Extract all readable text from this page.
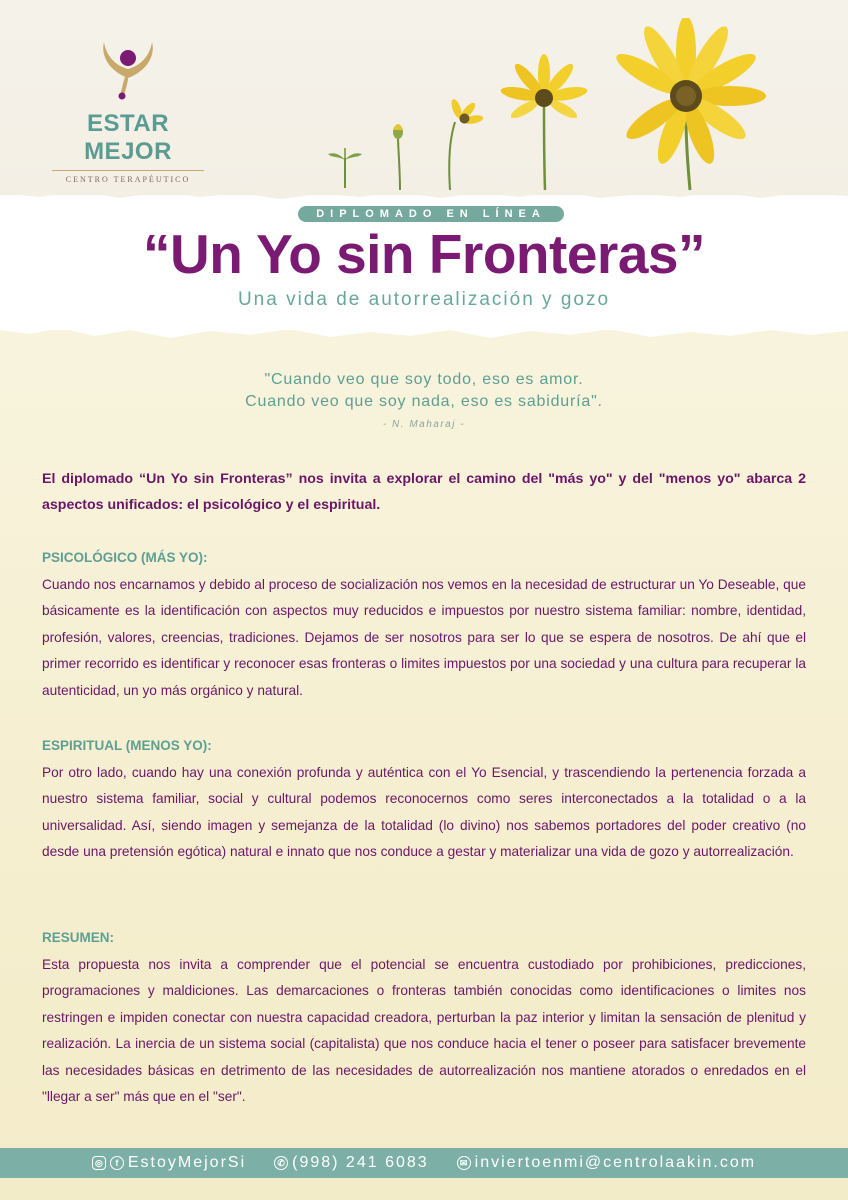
ESTAR MEJOR
CENTRO TERAPÉUTICO
DIPLOMADO EN LÍNEA
“Un Yo sin Fronteras”
Una vida de autorrealización y gozo
"Cuando veo que soy todo, eso es amor.
Cuando veo que soy nada, eso es sabiduría".
- N. Maharaj -
El diplomado “Un Yo sin Fronteras” nos invita a explorar el camino del "más yo" y del "menos yo" abarca 2 aspectos unificados: el psicológico y el espiritual.
PSICOLÓGICO (MÁS YO):
Cuando nos encarnamos y debido al proceso de socialización nos vemos en la necesidad de estructurar un Yo Deseable, que básicamente es la identificación con aspectos muy reducidos e impuestos por nuestro sistema familiar: nombre, identidad, profesión, valores, creencias, tradiciones. Dejamos de ser nosotros para ser lo que se espera de nosotros. De ahí que el primer recorrido es identificar y reconocer esas fronteras o limites impuestos por una sociedad y una cultura para recuperar la autenticidad, un yo más orgánico y natural.
ESPIRITUAL (MENOS YO):
Por otro lado, cuando hay una conexión profunda y auténtica con el Yo Esencial, y trascendiendo la pertenencia forzada a nuestro sistema familiar, social y cultural podemos reconocernos como seres interconectados a la totalidad o a la universalidad. Así, siendo imagen y semejanza de la totalidad (lo divino) nos sabemos portadores del poder creativo (no desde una pretensión egótica) natural e innato que nos conduce a gestar y materializar una vida de gozo y autorrealización.
RESUMEN:
Esta propuesta nos invita a comprender que el potencial se encuentra custodiado por prohibiciones, predicciones, programaciones y maldiciones. Las demarcaciones o fronteras también conocidas como identificaciones o limites nos restringen e impiden conectar con nuestra capacidad creadora, perturban la paz interior y limitan la sensación de plenitud y realización. La inercia de un sistema social (capitalista) que nos conduce hacia el tener o poseer para satisfacer brevemente las necesidades básicas en detrimento de las necesidades de autorrealización nos mantiene atorados o enredados en el "llegar a ser" más que en el "ser".
◎	f EstoyMejorSi	✆ (998) 241 6083	✉ inviertoenmi@centrolaakin.com
